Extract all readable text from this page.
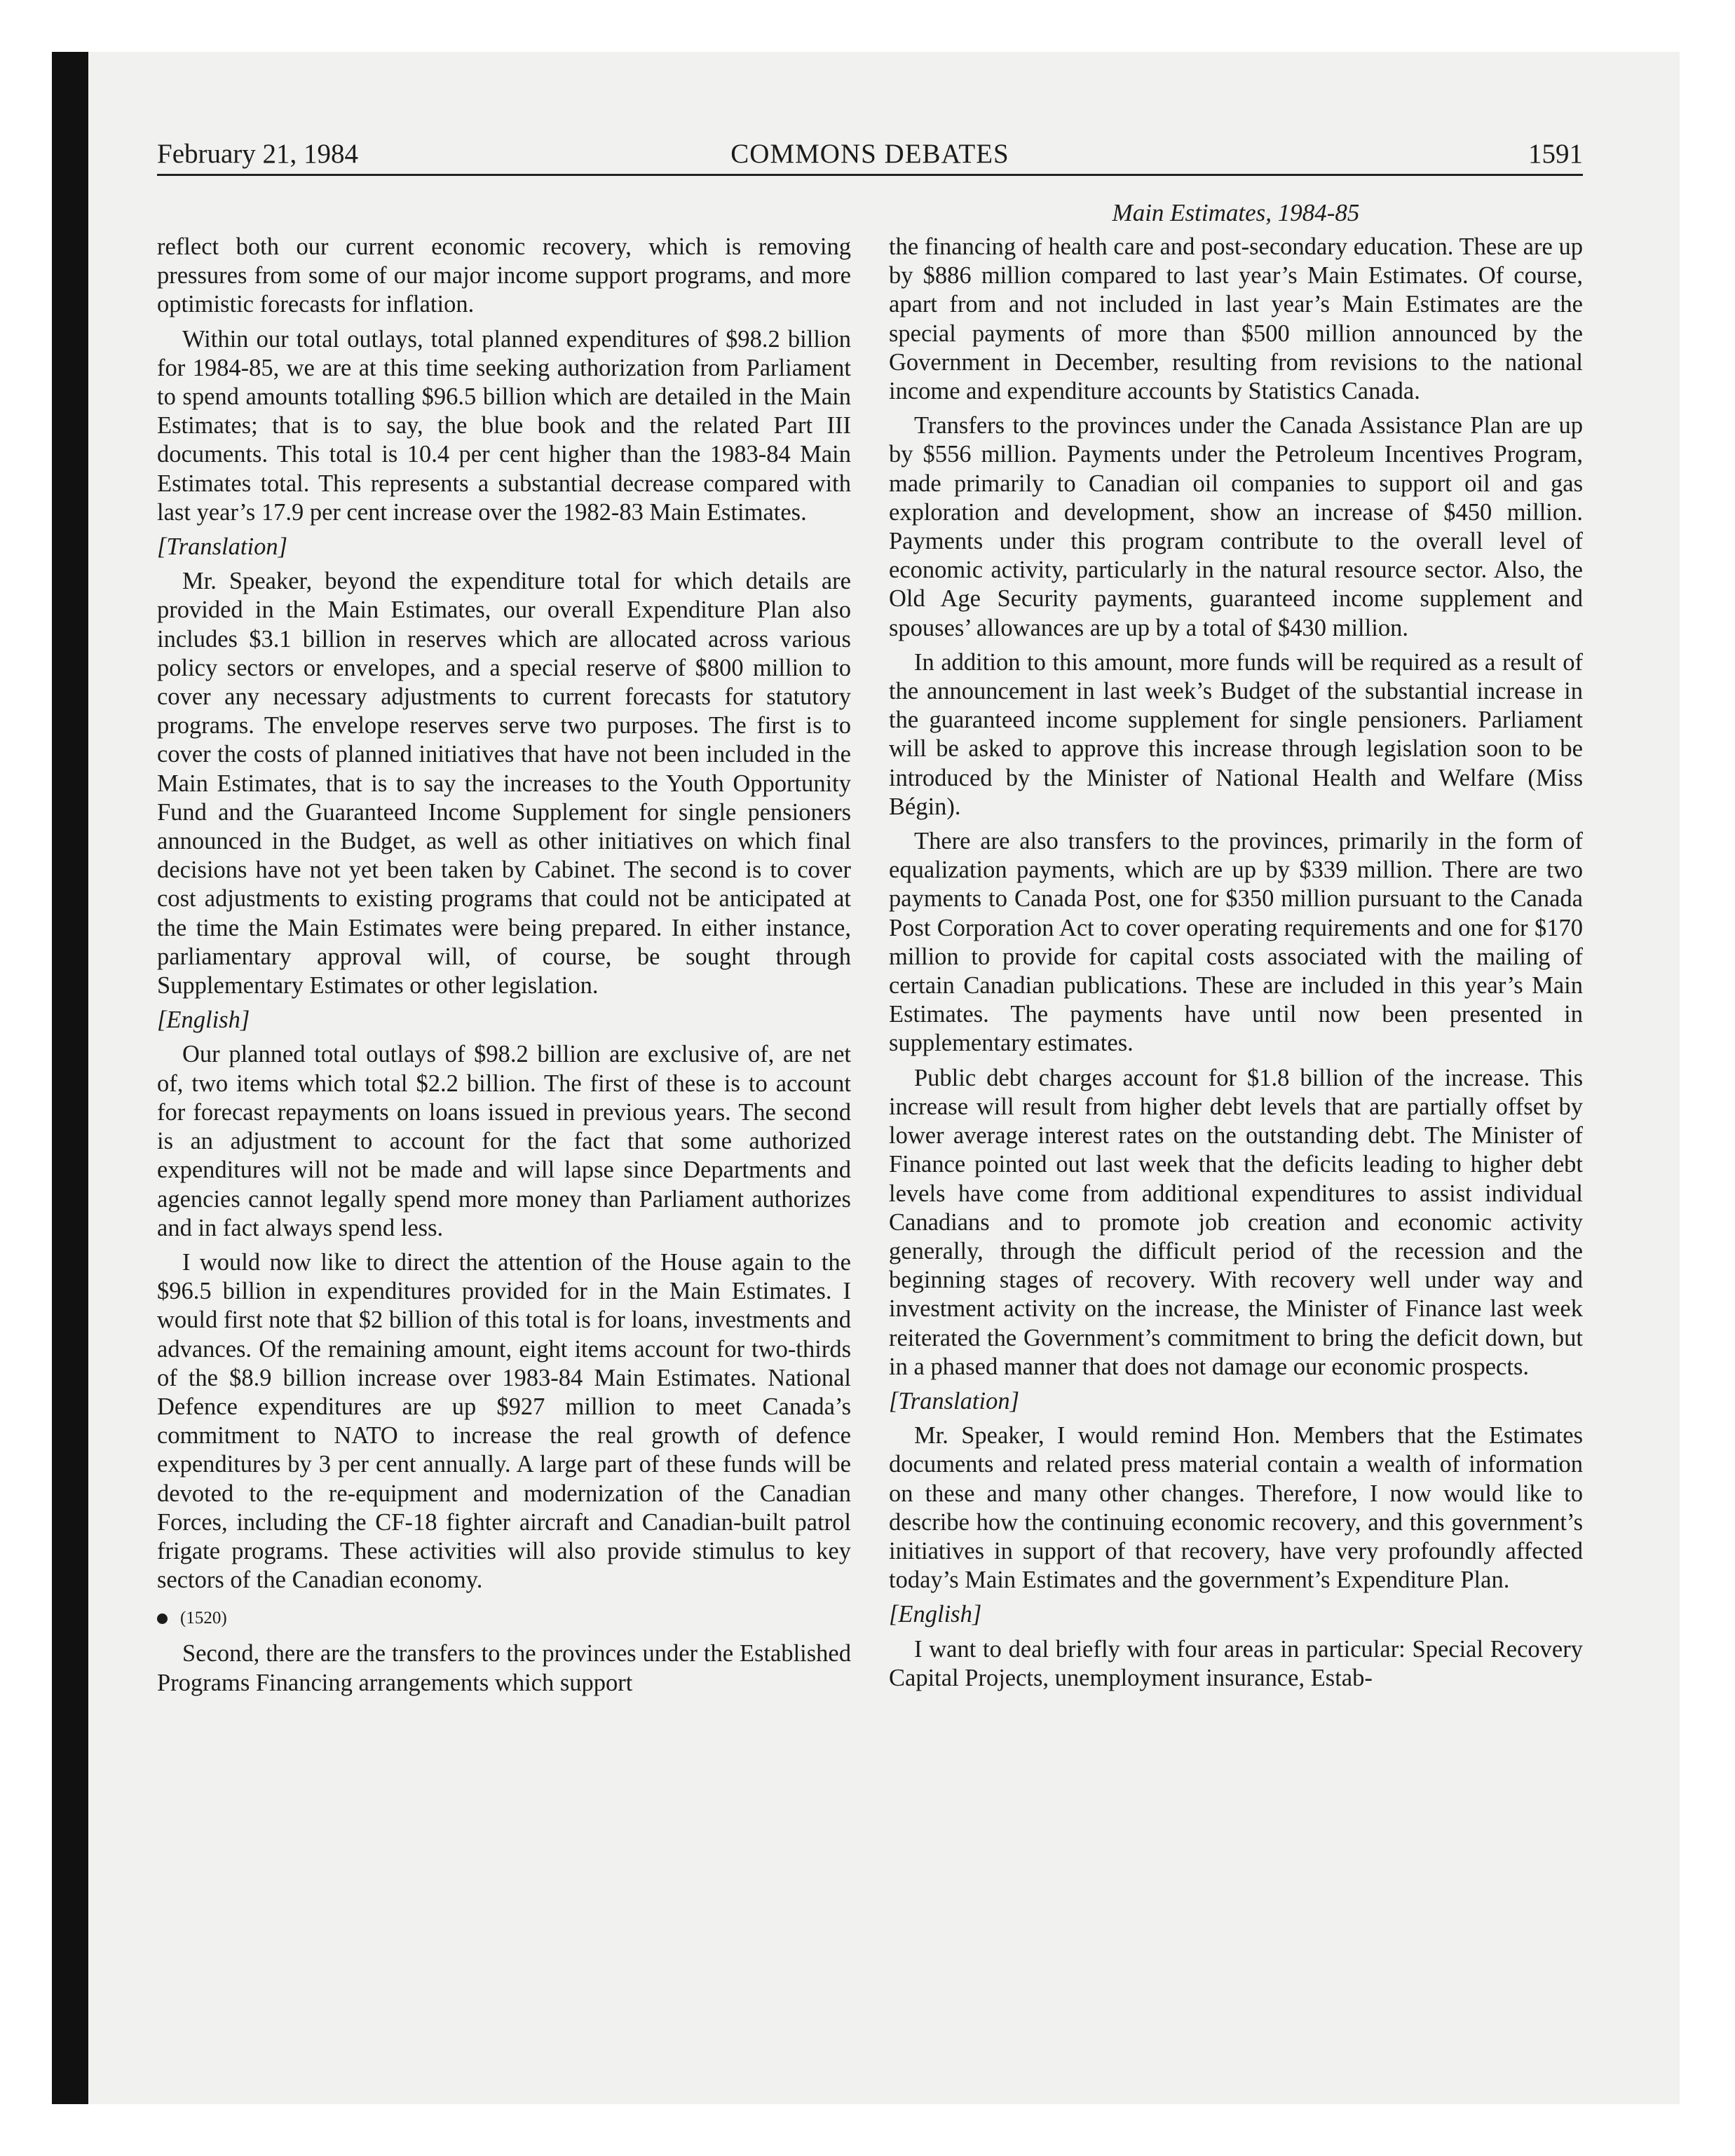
February 21, 1984	COMMONS DEBATES	1591
Main Estimates, 1984-85

reflect both our current economic recovery, which is removing pressures from some of our major income support programs, and more optimistic forecasts for inflation.

Within our total outlays, total planned expenditures of $98.2 billion for 1984-85, we are at this time seeking authorization from Parliament to spend amounts totalling $96.5 billion which are detailed in the Main Estimates; that is to say, the blue book and the related Part III documents. This total is 10.4 per cent higher than the 1983-84 Main Estimates total. This represents a substantial decrease compared with last year’s 17.9 per cent increase over the 1982-83 Main Estimates.

[Translation]

Mr. Speaker, beyond the expenditure total for which details are provided in the Main Estimates, our overall Expenditure Plan also includes $3.1 billion in reserves which are allocated across various policy sectors or envelopes, and a special reserve of $800 million to cover any necessary adjustments to current forecasts for statutory programs. The envelope reserves serve two purposes. The first is to cover the costs of planned initiatives that have not been included in the Main Estimates, that is to say the increases to the Youth Opportunity Fund and the Guaranteed Income Supplement for single pensioners announced in the Budget, as well as other initiatives on which final decisions have not yet been taken by Cabinet. The second is to cover cost adjustments to existing programs that could not be anticipated at the time the Main Estimates were being prepared. In either instance, parliamentary approval will, of course, be sought through Supplementary Estimates or other legislation.

[English]

Our planned total outlays of $98.2 billion are exclusive of, are net of, two items which total $2.2 billion. The first of these is to account for forecast repayments on loans issued in previous years. The second is an adjustment to account for the fact that some authorized expenditures will not be made and will lapse since Departments and agencies cannot legally spend more money than Parliament authorizes and in fact always spend less.

I would now like to direct the attention of the House again to the $96.5 billion in expenditures provided for in the Main Estimates. I would first note that $2 billion of this total is for loans, investments and advances. Of the remaining amount, eight items account for two-thirds of the $8.9 billion increase over 1983-84 Main Estimates. National Defence expenditures are up $927 million to meet Canada’s commitment to NATO to increase the real growth of defence expenditures by 3 per cent annually. A large part of these funds will be devoted to the re-equipment and modernization of the Canadian Forces, including the CF-18 fighter aircraft and Canadian-built patrol frigate programs. These activities will also provide stimulus to key sectors of the Canadian economy.

(1520)

Second, there are the transfers to the provinces under the Established Programs Financing arrangements which support

the financing of health care and post-secondary education. These are up by $886 million compared to last year’s Main Estimates. Of course, apart from and not included in last year’s Main Estimates are the special payments of more than $500 million announced by the Government in December, resulting from revisions to the national income and expenditure accounts by Statistics Canada.

Transfers to the provinces under the Canada Assistance Plan are up by $556 million. Payments under the Petroleum Incentives Program, made primarily to Canadian oil companies to support oil and gas exploration and development, show an increase of $450 million. Payments under this program contribute to the overall level of economic activity, particularly in the natural resource sector. Also, the Old Age Security payments, guaranteed income supplement and spouses’ allowances are up by a total of $430 million.

In addition to this amount, more funds will be required as a result of the announcement in last week’s Budget of the substantial increase in the guaranteed income supplement for single pensioners. Parliament will be asked to approve this increase through legislation soon to be introduced by the Minister of National Health and Welfare (Miss Bégin).

There are also transfers to the provinces, primarily in the form of equalization payments, which are up by $339 million. There are two payments to Canada Post, one for $350 million pursuant to the Canada Post Corporation Act to cover operating requirements and one for $170 million to provide for capital costs associated with the mailing of certain Canadian publications. These are included in this year’s Main Estimates. The payments have until now been presented in supplementary estimates.

Public debt charges account for $1.8 billion of the increase. This increase will result from higher debt levels that are partially offset by lower average interest rates on the outstanding debt. The Minister of Finance pointed out last week that the deficits leading to higher debt levels have come from additional expenditures to assist individual Canadians and to promote job creation and economic activity generally, through the difficult period of the recession and the beginning stages of recovery. With recovery well under way and investment activity on the increase, the Minister of Finance last week reiterated the Government’s commitment to bring the deficit down, but in a phased manner that does not damage our economic prospects.

[Translation]

Mr. Speaker, I would remind Hon. Members that the Estimates documents and related press material contain a wealth of information on these and many other changes. Therefore, I now would like to describe how the continuing economic recovery, and this government’s initiatives in support of that recovery, have very profoundly affected today’s Main Estimates and the government’s Expenditure Plan.

[English]

I want to deal briefly with four areas in particular: Special Recovery Capital Projects, unemployment insurance, Estab-
